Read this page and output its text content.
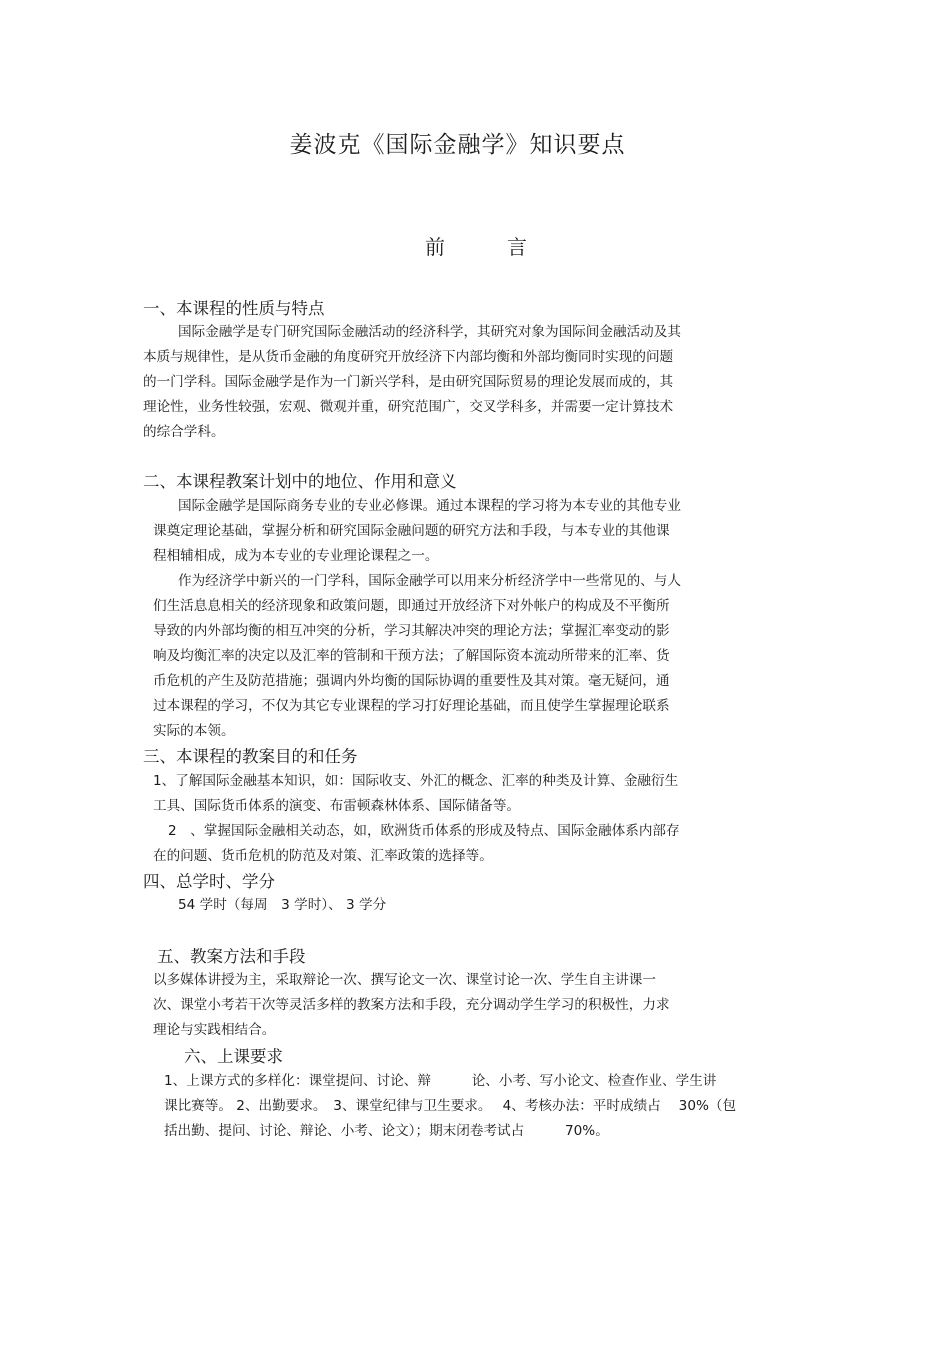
姜波克《国际金融学》知识要点
前	言
一、本课程的性质与特点
国际金融学是专门研究国际金融活动的经济科学，其研究对象为国际间金融活动及其
本质与规律性，是从货币金融的角度研究开放经济下内部均衡和外部均衡同时实现的问题
的一门学科。国际金融学是作为一门新兴学科，是由研究国际贸易的理论发展而成的，其
理论性，业务性较强，宏观、微观并重，研究范围广，交叉学科多，并需要一定计算技术
的综合学科。
二、本课程教案计划中的地位、作用和意义
国际金融学是国际商务专业的专业必修课。通过本课程的学习将为本专业的其他专业
课奠定理论基础，掌握分析和研究国际金融问题的研究方法和手段，与本专业的其他课
程相辅相成，成为本专业的专业理论课程之一。
作为经济学中新兴的一门学科，国际金融学可以用来分析经济学中一些常见的、与人
们生活息息相关的经济现象和政策问题，即通过开放经济下对外帐户的构成及不平衡所
导致的内外部均衡的相互冲突的分析，学习其解决冲突的理论方法；掌握汇率变动的影
响及均衡汇率的决定以及汇率的管制和干预方法；了解国际资本流动所带来的汇率、货
币危机的产生及防范措施；强调内外均衡的国际协调的重要性及其对策。毫无疑问，通
过本课程的学习，不仅为其它专业课程的学习打好理论基础，而且使学生掌握理论联系
实际的本领。
三、本课程的教案目的和任务
1、了解国际金融基本知识，如：国际收支、外汇的概念、汇率的种类及计算、金融衍生
工具、国际货币体系的演变、布雷顿森林体系、国际储备等。
2　、掌握国际金融相关动态，如，欧洲货币体系的形成及特点、国际金融体系内部存
在的问题、货币危机的防范及对策、汇率政策的选择等。
四、总学时、学分
54 学时（每周　3 学时）、 3 学分
五、教案方法和手段
以多媒体讲授为主，采取辩论一次、撰写论文一次、课堂讨论一次、学生自主讲课一
次、课堂小考若干次等灵活多样的教案方法和手段，充分调动学生学习的积极性，力求
理论与实践相结合。
六、上课要求
1、上课方式的多样化：课堂提问、讨论、辩　　　论、小考、写小论文、检查作业、学生讲
课比赛等。 2、出勤要求。　3、课堂纪律与卫生要求。　 4、考核办法：平时成绩占　 30%（包
括出勤、提问、讨论、辩论、小考、论文）；期末闭卷考试占　　　70%。
